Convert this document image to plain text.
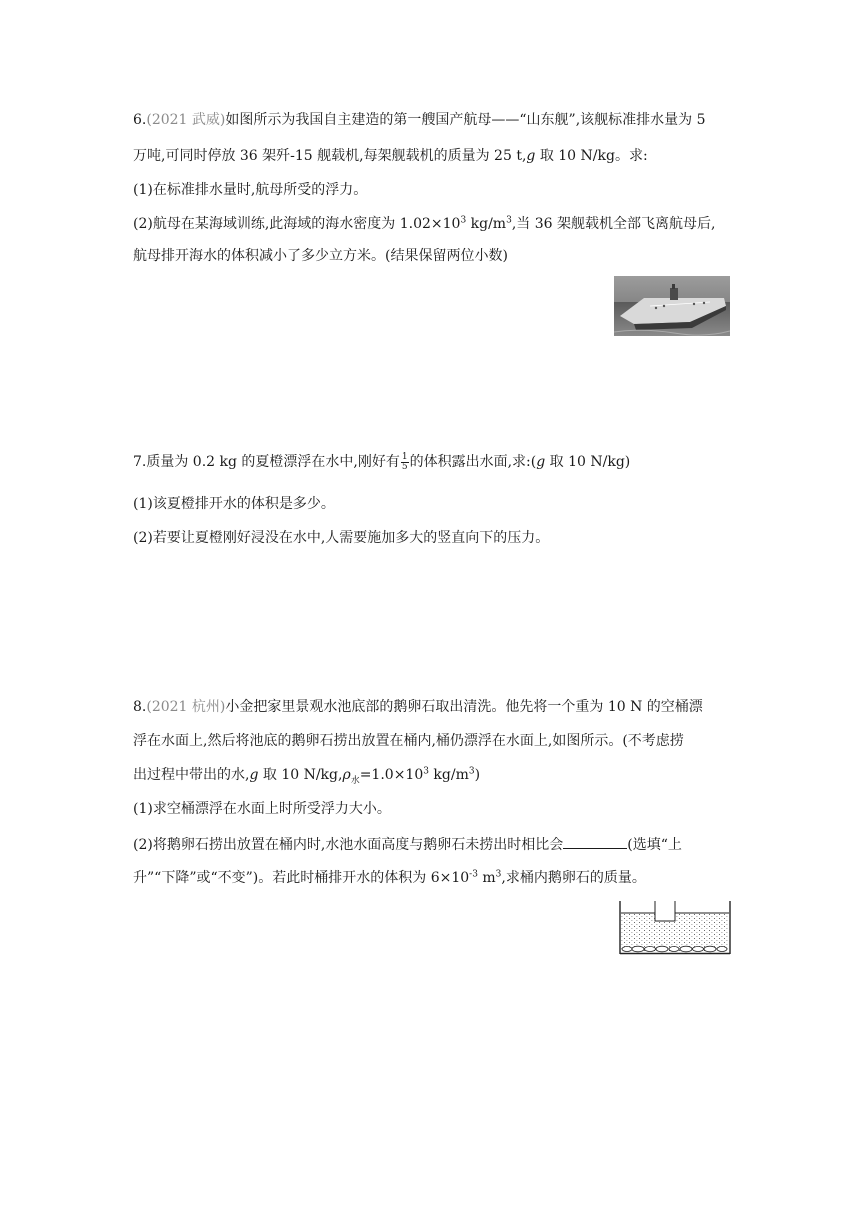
6.(2021 武威)如图所示为我国自主建造的第一艘国产航母——“山东舰”,该舰标准排水量为 5
万吨,可同时停放 36 架歼-15 舰载机,每架舰载机的质量为 25 t,g 取 10 N/kg。求:
(1)在标准排水量时,航母所受的浮力。
(2)航母在某海域训练,此海域的海水密度为 $1.02\times 10^3$ $kg/m^3$,当 36 架舰载机全部飞离航母后,
航母排开海水的体积减小了多少立方米。(结果保留两位小数)
7.质量为 0.2 kg 的夏橙漂浮在水中,刚好有 $\frac{1}{5}$ 的体积露出水面,求:(g 取 10 N/kg)
(1)该夏橙排开水的体积是多少。
(2)若要让夏橙刚好浸没在水中,人需要施加多大的竖直向下的压力。
8.(2021 杭州)小金把家里景观水池底部的鹅卵石取出清洗。他先将一个重为 10 N 的空桶漂
浮在水面上,然后将池底的鹅卵石捞出放置在桶内,桶仍漂浮在水面上,如图所示。(不考虑捞
出过程中带出的水,g 取 10 $N/kg,\rho_水=1.0\times 10^3$ $kg/m^3$)
(1)求空桶漂浮在水面上时所受浮力大小。
(2)将鹅卵石捞出放置在桶内时,水池水面高度与鹅卵石未捞出时相比会	(选填“上
升”“下降”或“不变”)。若此时桶排开水的体积为 $6\times 10^{-3}$ $m^3$,求桶内鹅卵石的质量。
